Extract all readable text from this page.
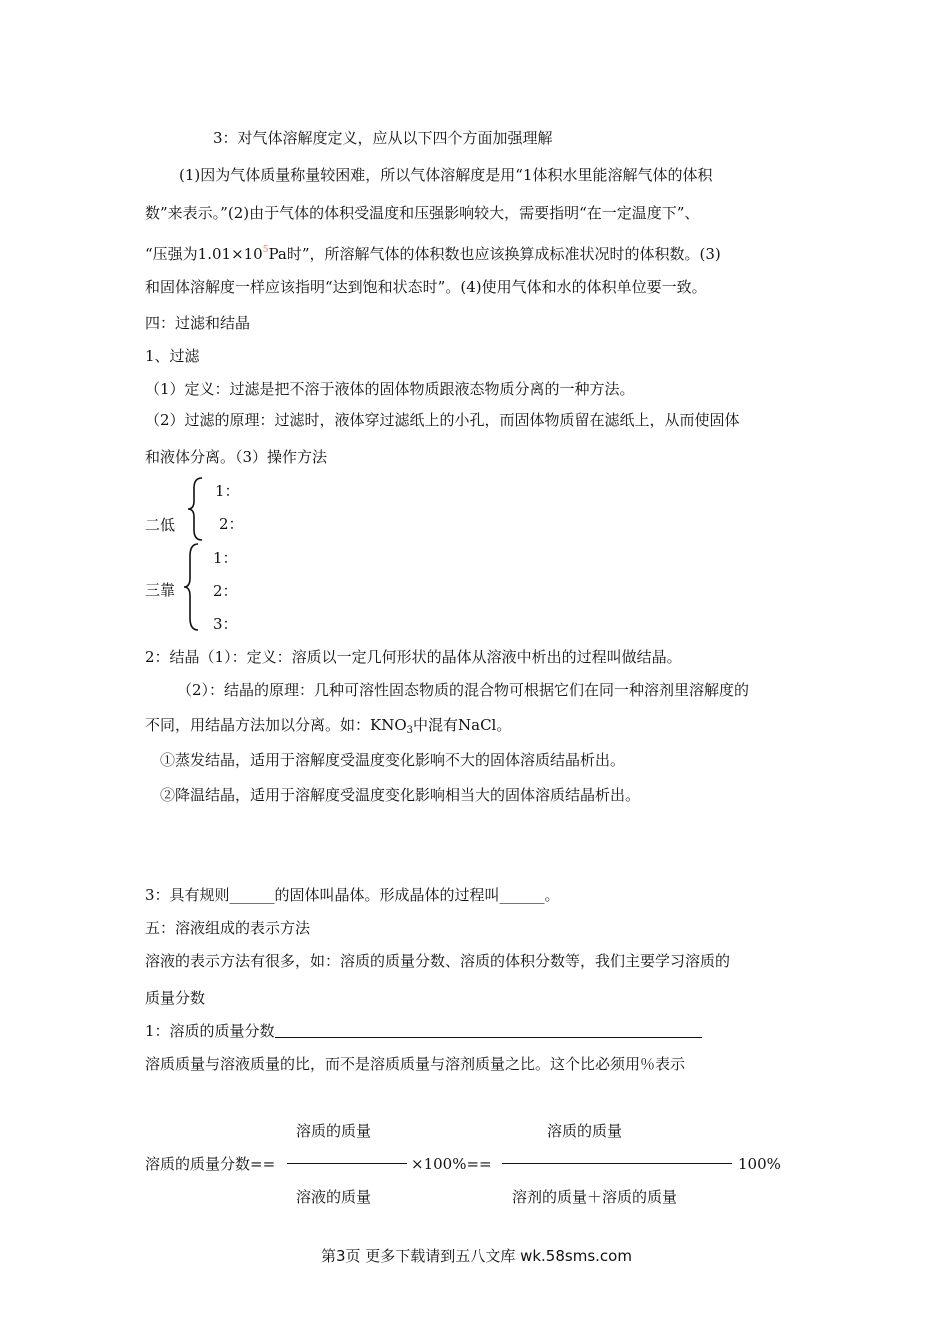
3：对气体溶解度定义，应从以下四个方面加强理解
(1)因为气体质量称量较困难，所以气体溶解度是用“1体积水里能溶解气体的体积
数”来表示。”(2)由于气体的体积受温度和压强影响较大，需要指明“在一定温度下”、
“压强为$1.01\times 10^5Pa$时”，所溶解气体的体积数也应该换算成标准状况时的体积数。(3)
和固体溶解度一样应该指明“达到饱和状态时”。(4)使用气体和水的体积单位要一致。
四：过滤和结晶
1、过滤
（1）定义：过滤是把不溶于液体的固体物质跟液态物质分离的一种方法。
（2）过滤的原理：过滤时，液体穿过滤纸上的小孔，而固体物质留在滤纸上，从而使固体
和液体分离。（3）操作方法
二低
1：
2：
三靠
1：
2：
3：
2：结晶（1）：定义：溶质以一定几何形状的晶体从溶液中析出的过程叫做结晶。
（2）：结晶的原理：几种可溶性固态物质的混合物可根据它们在同一种溶剂里溶解度的
不同，用结晶方法加以分离。如：$KNO_3$中混有NaCl。
①蒸发结晶，适用于溶解度受温度变化影响不大的固体溶质结晶析出。
②降温结晶，适用于溶解度受温度变化影响相当大的固体溶质结晶析出。
3：具有规则______的固体叫晶体。形成晶体的过程叫______。
五：溶液组成的表示方法
溶液的表示方法有很多，如：溶质的质量分数、溶质的体积分数等，我们主要学习溶质的
质量分数
1：溶质的质量分数
溶质质量与溶液质量的比，而不是溶质质量与溶剂质量之比。这个比必须用％表示
溶质的质量	溶质的质量
溶质的质量分数==	×100%==	100%
溶液的质量	溶剂的质量＋溶质的质量
第3页 更多下载请到五八文库 wk.58sms.com
